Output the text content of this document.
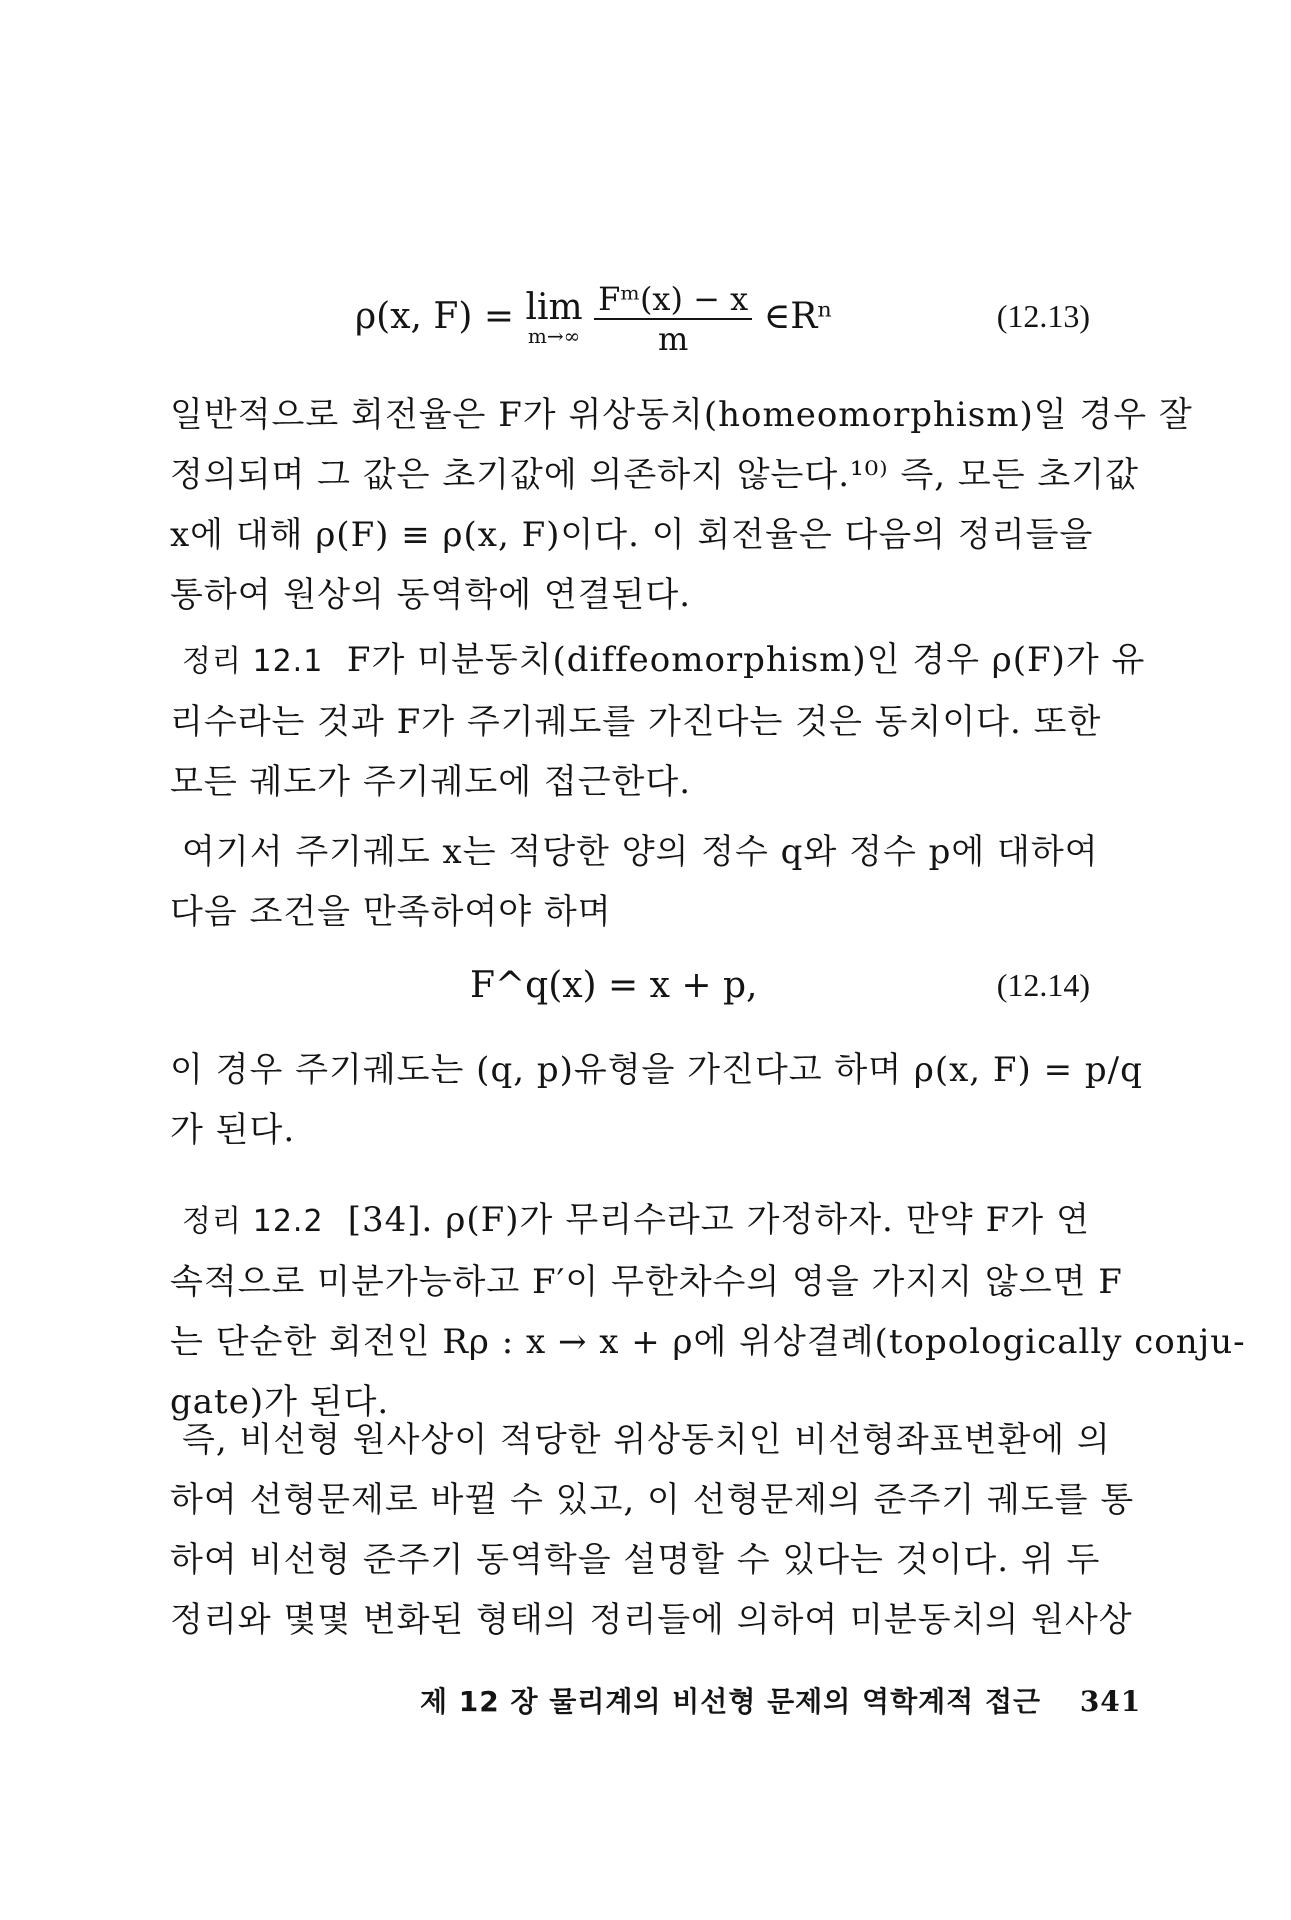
ρ(x, F) = lim
m→∞
$\frac{\text{Fᵐ(x) − x}}{m}$ ∈Rⁿ	(12.13)
일반적으로 회전율은 F가 위상동치(homeomorphism)일 경우 잘
정의되며 그 값은 초기값에 의존하지 않는다.¹⁰⁾ 즉, 모든 초기값
x에 대해 ρ(F) ≡ ρ(x, F)이다. 이 회전율은 다음의 정리들을
통하여 원상의 동역학에 연결된다.
정리 12.1 F가 미분동치(diffeomorphism)인 경우 ρ(F)가 유
리수라는 것과 F가 주기궤도를 가진다는 것은 동치이다. 또한
모든 궤도가 주기궤도에 접근한다.
여기서 주기궤도 x는 적당한 양의 정수 q와 정수 p에 대하여
다음 조건을 만족하여야 하며
F^q(x) = x + p,	(12.14)
이 경우 주기궤도는 (q, p)유형을 가진다고 하며 ρ(x, F) = p/q
가 된다.
정리 12.2 [34]. ρ(F)가 무리수라고 가정하자. 만약 F가 연
속적으로 미분가능하고 F′이 무한차수의 영을 가지지 않으면 F
는 단순한 회전인 Rρ : x → x + ρ에 위상결례(topologically conju-
gate)가 된다.
즉, 비선형 원사상이 적당한 위상동치인 비선형좌표변환에 의
하여 선형문제로 바뀔 수 있고, 이 선형문제의 준주기 궤도를 통
하여 비선형 준주기 동역학을 설명할 수 있다는 것이다. 위 두
정리와 몇몇 변화된 형태의 정리들에 의하여 미분동치의 원사상
제 12 장 물리계의 비선형 문제의 역학계적 접근 341
